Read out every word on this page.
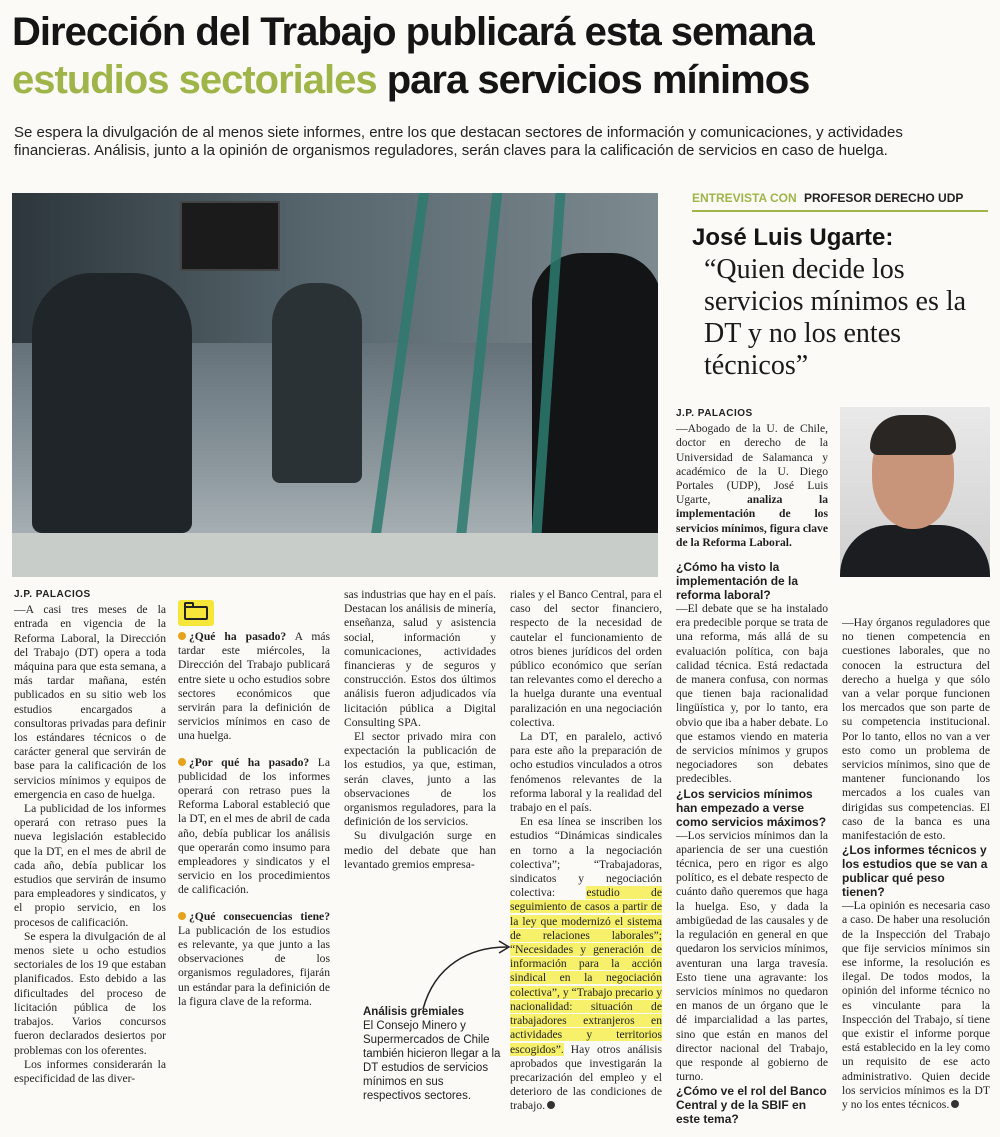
Dirección del Trabajo publicará esta semana
estudios sectoriales para servicios mínimos

Se espera la divulgación de al menos siete informes, entre los que destacan sectores de información y comunicaciones, y actividades financieras. Análisis, junto a la opinión de organismos reguladores, serán claves para la calificación de servicios en caso de huelga.

ENTREVISTA CON PROFESOR DERECHO UDP
José Luis Ugarte:
“Quien decide los servicios mínimos es la DT y no los entes técnicos”
J.P. PALACIOS

—A casi tres meses de la entrada en vigencia de la Reforma Laboral, la Dirección del Trabajo (DT) opera a toda máquina para que esta semana, a más tardar mañana, estén publicados en su sitio web los estudios encargados a consultoras privadas para definir los estándares técnicos o de carácter general que servirán de base para la calificación de los servicios mínimos y equipos de emergencia en caso de huelga.

La publicidad de los informes operará con retraso pues la nueva legislación establecido que la DT, en el mes de abril de cada año, debía publicar los estudios que servirán de insumo para empleadores y sindicatos, y el propio servicio, en los procesos de calificación.

Se espera la divulgación de al menos siete u ocho estudios sectoriales de los 19 que estaban planificados. Esto debido a las dificultades del proceso de licitación pública de los trabajos. Varios concursos fueron declarados desiertos por problemas con los oferentes.

Los informes considerarán la especificidad de las diver-

¿Qué ha pasado? A más tardar este miércoles, la Dirección del Trabajo publicará entre siete u ocho estudios sobre sectores económicos que servirán para la definición de servicios mínimos en caso de una huelga.

¿Por qué ha pasado? La publicidad de los informes operará con retraso pues la Reforma Laboral estableció que la DT, en el mes de abril de cada año, debía publicar los análisis que operarán como insumo para empleadores y sindicatos y el servicio en los procedimientos de calificación.

¿Qué consecuencias tiene? La publicación de los estudios es relevante, ya que junto a las observaciones de los organismos reguladores, fijarán un estándar para la definición de la figura clave de la reforma.

sas industrias que hay en el país. Destacan los análisis de minería, enseñanza, salud y asistencia social, información y comunicaciones, actividades financieras y de seguros y construcción. Estos dos últimos análisis fueron adjudicados vía licitación pública a Digital Consulting SPA.

El sector privado mira con expectación la publicación de los estudios, ya que, estiman, serán claves, junto a las observaciones de los organismos reguladores, para la definición de los servicios.

Su divulgación surge en medio del debate que han levantado gremios empresa-

Análisis gremiales
El Consejo Minero y Supermercados de Chile también hicieron llegar a la DT estudios de servicios mínimos en sus respectivos sectores.

riales y el Banco Central, para el caso del sector financiero, respecto de la necesidad de cautelar el funcionamiento de otros bienes jurídicos del orden público económico que serían tan relevantes como el derecho a la huelga durante una eventual paralización en una negociación colectiva.

La DT, en paralelo, activó para este año la preparación de ocho estudios vinculados a otros fenómenos relevantes de la reforma laboral y la realidad del trabajo en el país.

En esa línea se inscriben los estudios “Dinámicas sindicales en torno a la negociación colectiva”; “Trabajadoras, sindicatos y negociación colectiva:	estudio de seguimiento de casos a partir de la ley que modernizó el sistema de relaciones laborales”; “Necesidades y generación de información para la acción sindical en la negociación colectiva”, y “Trabajo precario y nacionalidad: situación de trabajadores extranjeros en actividades y territorios escogidos”. Hay otros análisis aprobados que investigarán la precarización del empleo y el deterioro de las condiciones de trabajo.

J.P. PALACIOS

—Abogado de la U. de Chile, doctor en derecho de la Universidad de Salamanca y académico de la U. Diego Portales (UDP), José Luis Ugarte,	analiza la implementación de los servicios mínimos, figura clave de la Reforma Laboral.

¿Cómo ha visto la implementación de la reforma laboral?

—El debate que se ha instalado era predecible porque se trata de una reforma, más allá de su evaluación política, con baja calidad técnica. Está redactada de manera confusa, con normas que tienen baja racionalidad lingüística y, por lo tanto, era obvio que iba a haber debate. Lo que estamos viendo en materia de servicios mínimos y grupos negociadores son debates predecibles.

¿Los servicios mínimos han empezado a verse como servicios máximos?

—Los servicios mínimos dan la apariencia de ser una cuestión técnica, pero en rigor es algo político, es el debate respecto de cuánto daño queremos que haga la huelga. Eso, y dada la ambigüedad de las causales y de la regulación en general en que quedaron los servicios mínimos, aventuran una larga travesía. Esto tiene una agravante: los servicios mínimos no quedaron en manos de un órgano que le dé imparcialidad a las partes, sino que están en manos del director nacional del Trabajo, que responde al gobierno de turno.

¿Cómo ve el rol del Banco Central y de la SBIF en este tema?

—Hay órganos reguladores que no tienen competencia en cuestiones laborales, que no conocen la estructura del derecho a huelga y que sólo van a velar porque funcionen los mercados que son parte de su competencia institucional. Por lo tanto, ellos no van a ver esto como un problema de servicios mínimos, sino que de mantener funcionando los mercados a los cuales van dirigidas sus competencias. El caso de la banca es una manifestación de esto.

¿Los informes técnicos y los estudios que se van a publicar qué peso tienen?

—La opinión es necesaria caso a caso. De haber una resolución de la Inspección del Trabajo que fije servicios mínimos sin ese informe, la resolución es ilegal. De todos modos, la opinión del informe técnico no es vinculante para la Inspección del Trabajo, sí tiene que existir el informe porque está establecido en la ley como un requisito de ese acto administrativo. Quien decide los servicios mínimos es la DT y no los entes técnicos.
